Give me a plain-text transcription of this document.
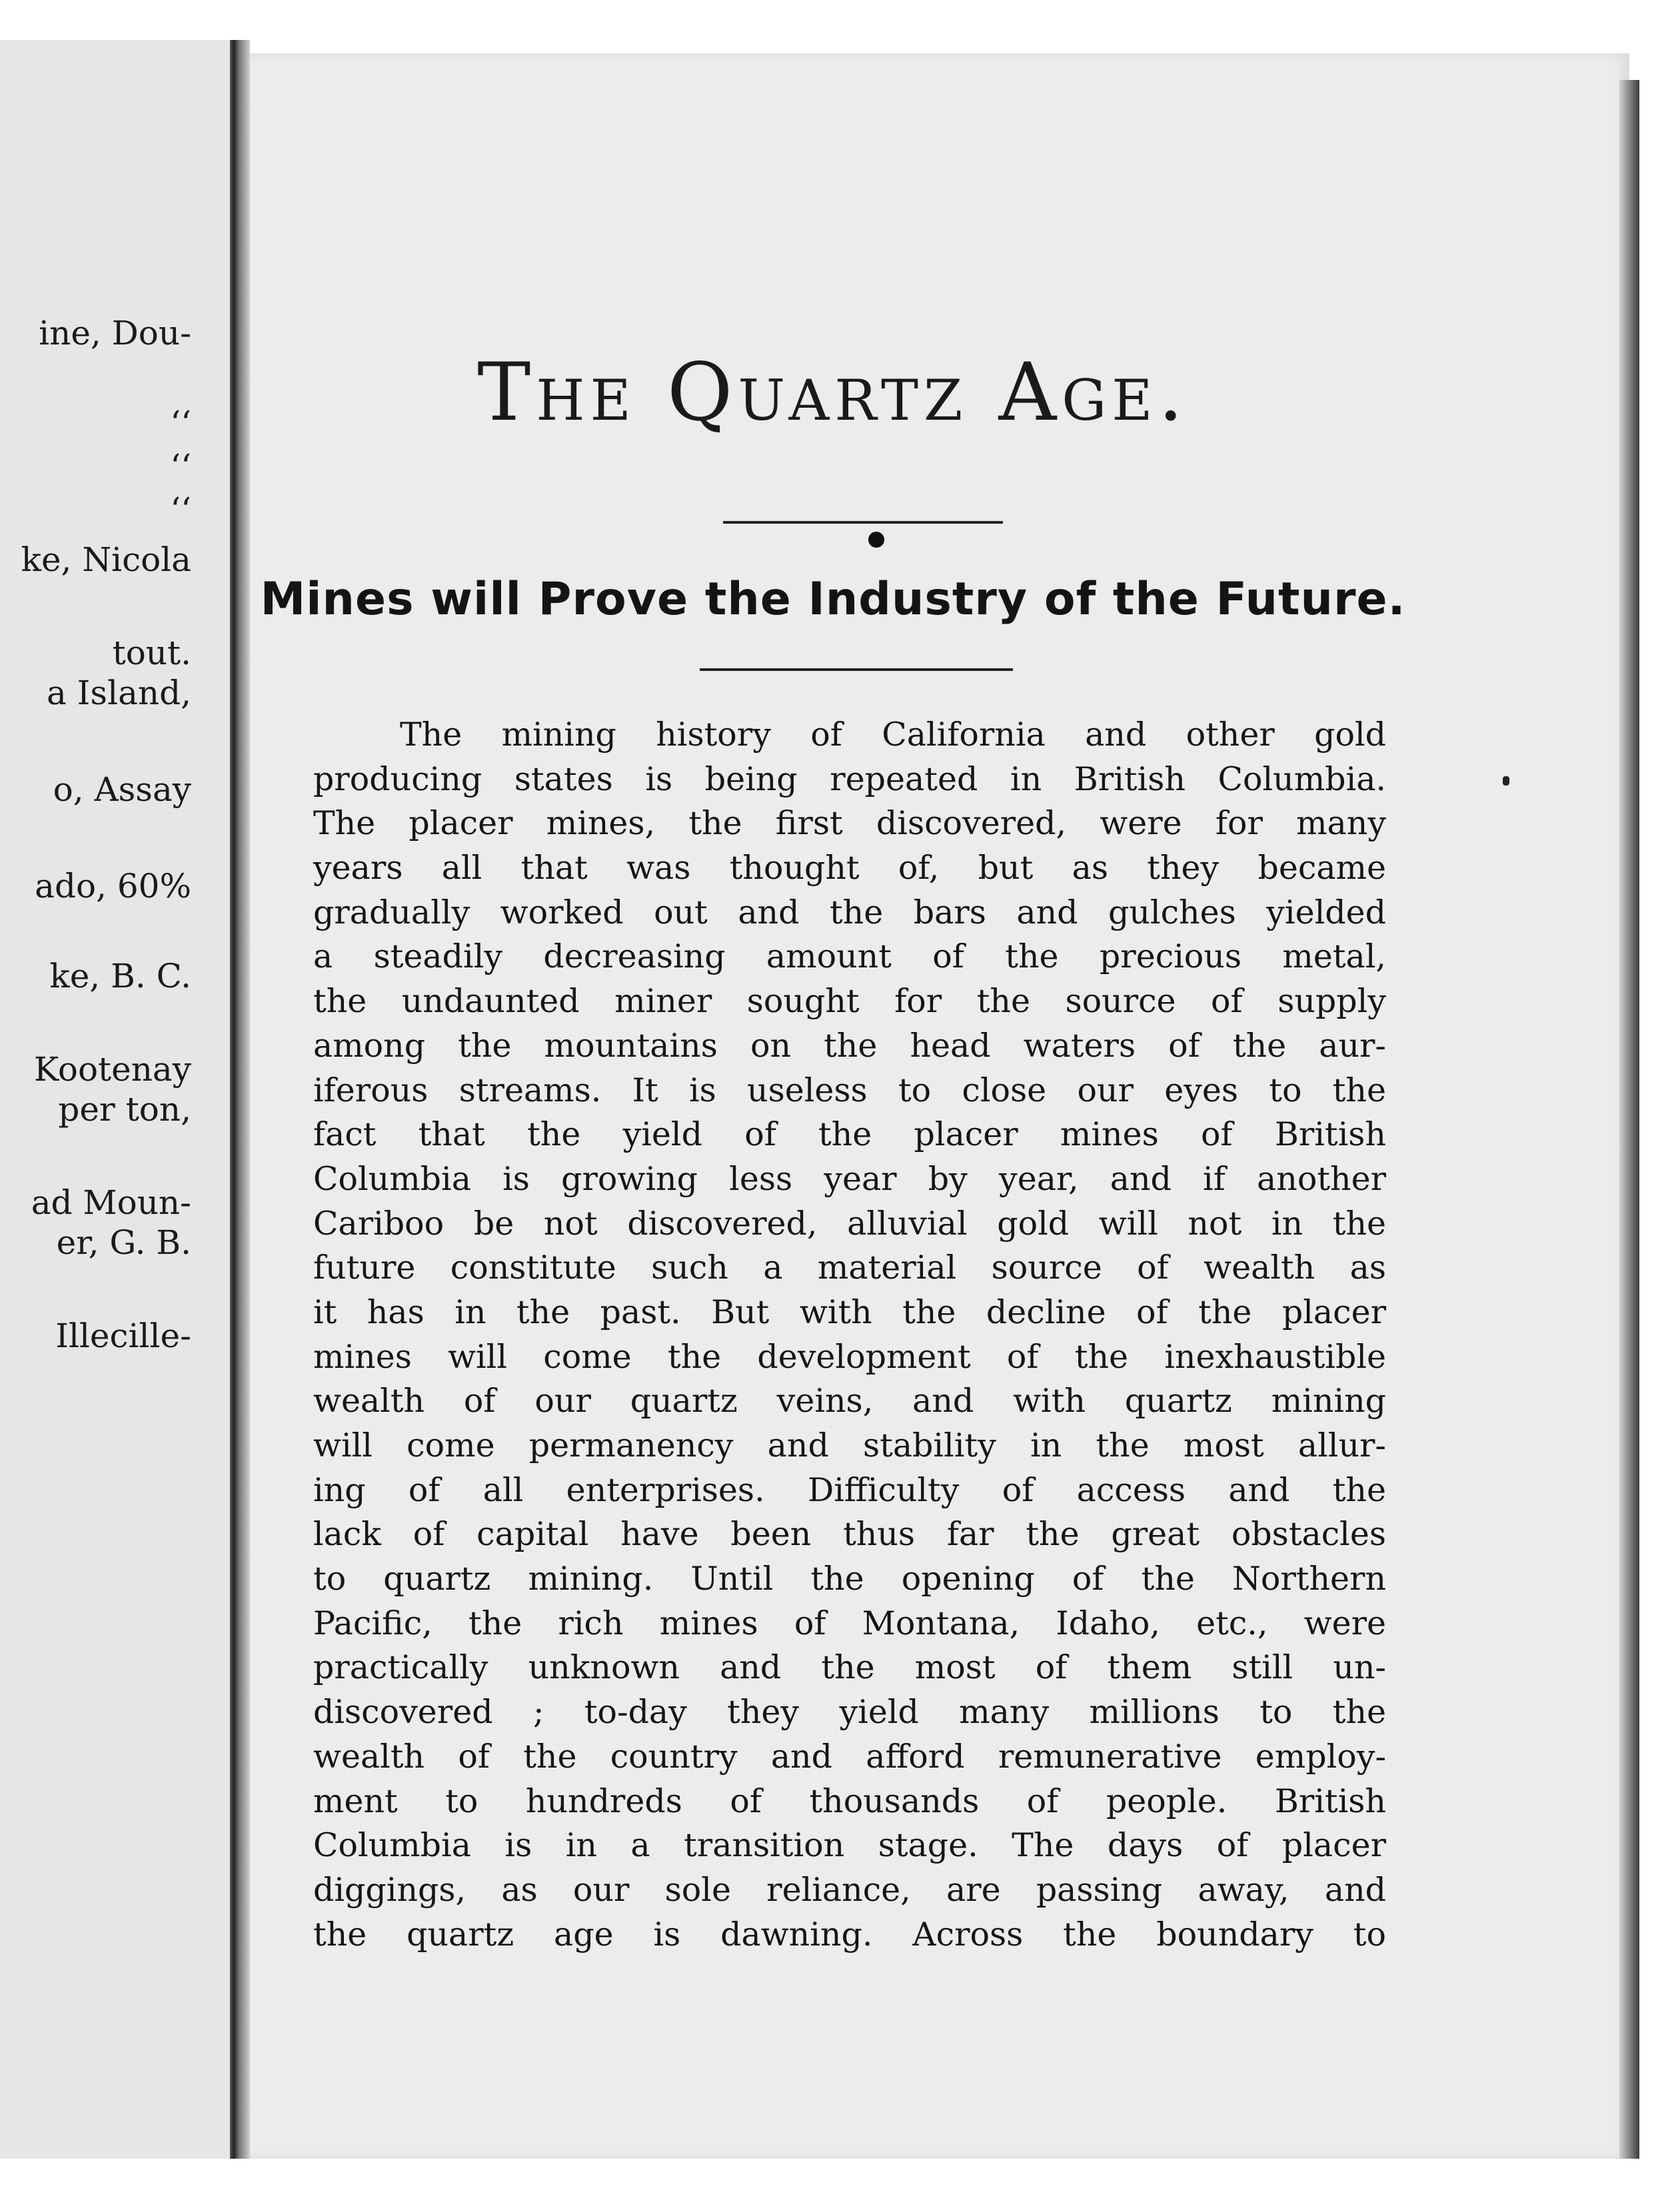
ine, Dou-
‘‘
‘‘
‘‘
ke, Nicola
tout.
a Island,
o, Assay
ado, 60%
ke, B. C.
Kootenay
per ton,
ad Moun-
er, G. B.
Illecille-
The Quartz Age.
Mines will Prove the Industry of the Future.
The mining history of California and other gold
producing states is being repeated in British Columbia.
The placer mines, the first discovered, were for many
years all that was thought of, but as they became
gradually worked out and the bars and gulches yielded
a steadily decreasing amount of the precious metal,
the undaunted miner sought for the source of supply
among the mountains on the head waters of the aur-
iferous streams. It is useless to close our eyes to the
fact that the yield of the placer mines of British
Columbia is growing less year by year, and if another
Cariboo be not discovered, alluvial gold will not in the
future constitute such a material source of wealth as
it has in the past. But with the decline of the placer
mines will come the development of the inexhaustible
wealth of our quartz veins, and with quartz mining
will come permanency and stability in the most allur-
ing of all enterprises. Difficulty of access and the
lack of capital have been thus far the great obstacles
to quartz mining. Until the opening of the Northern
Pacific, the rich mines of Montana, Idaho, etc., were
practically unknown and the most of them still un-
discovered ; to-day they yield many millions to the
wealth of the country and afford remunerative employ-
ment to hundreds of thousands of people. British
Columbia is in a transition stage. The days of placer
diggings, as our sole reliance, are passing away, and
the quartz age is dawning. Across the boundary to
